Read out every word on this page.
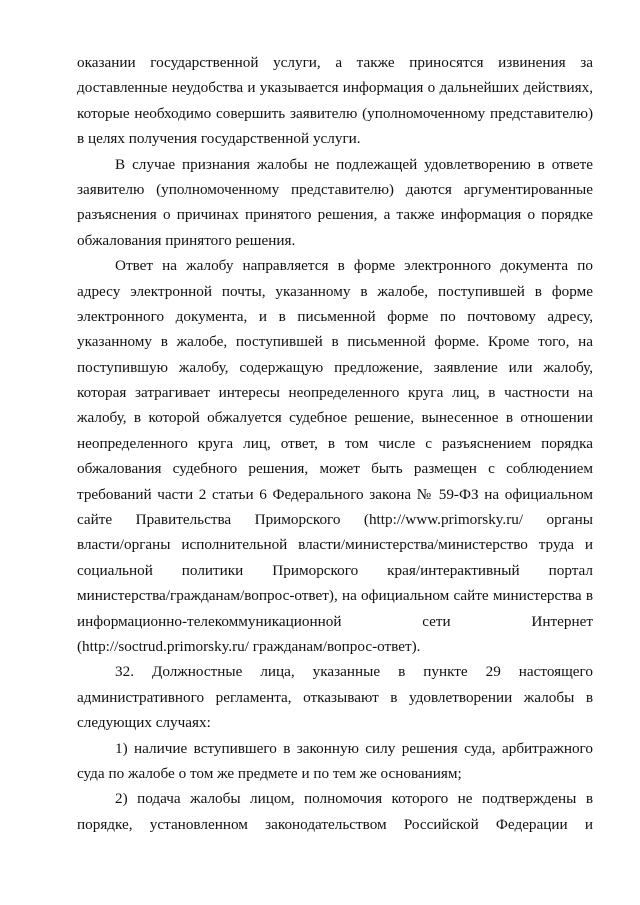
оказании государственной услуги, а также приносятся извинения за
доставленные неудобства и указывается информация о дальнейших действиях,
которые необходимо совершить заявителю (уполномоченному представителю)
в целях получения государственной услуги.
В случае признания жалобы не подлежащей удовлетворению в ответе
заявителю (уполномоченному представителю) даются аргументированные
разъяснения о причинах принятого решения, а также информация о порядке
обжалования принятого решения.
Ответ на жалобу направляется в форме электронного документа по
адресу электронной почты, указанному в жалобе, поступившей в форме
электронного документа, и в письменной форме по почтовому адресу,
указанному в жалобе, поступившей в письменной форме. Кроме того, на
поступившую жалобу, содержащую предложение, заявление или жалобу,
которая затрагивает интересы неопределенного круга лиц, в частности на
жалобу, в которой обжалуется судебное решение, вынесенное в отношении
неопределенного круга лиц, ответ, в том числе с разъяснением порядка
обжалования судебного решения, может быть размещен с соблюдением
требований части 2 статьи 6 Федерального закона № 59-ФЗ на официальном
сайте Правительства Приморского (http://www.primorsky.ru/ органы
власти/органы исполнительной власти/министерства/министерство труда и
социальной политики Приморского края/интерактивный портал
министерства/гражданам/вопрос-ответ), на официальном сайте министерства в
информационно-телекоммуникационной сети Интернет
(http://soctrud.primorsky.ru/ гражданам/вопрос-ответ).
32. Должностные лица, указанные в пункте 29 настоящего
административного регламента, отказывают в удовлетворении жалобы в
следующих случаях:
1) наличие вступившего в законную силу решения суда, арбитражного
суда по жалобе о том же предмете и по тем же основаниям;
2) подача жалобы лицом, полномочия которого не подтверждены в
порядке, установленном законодательством Российской Федерации и
